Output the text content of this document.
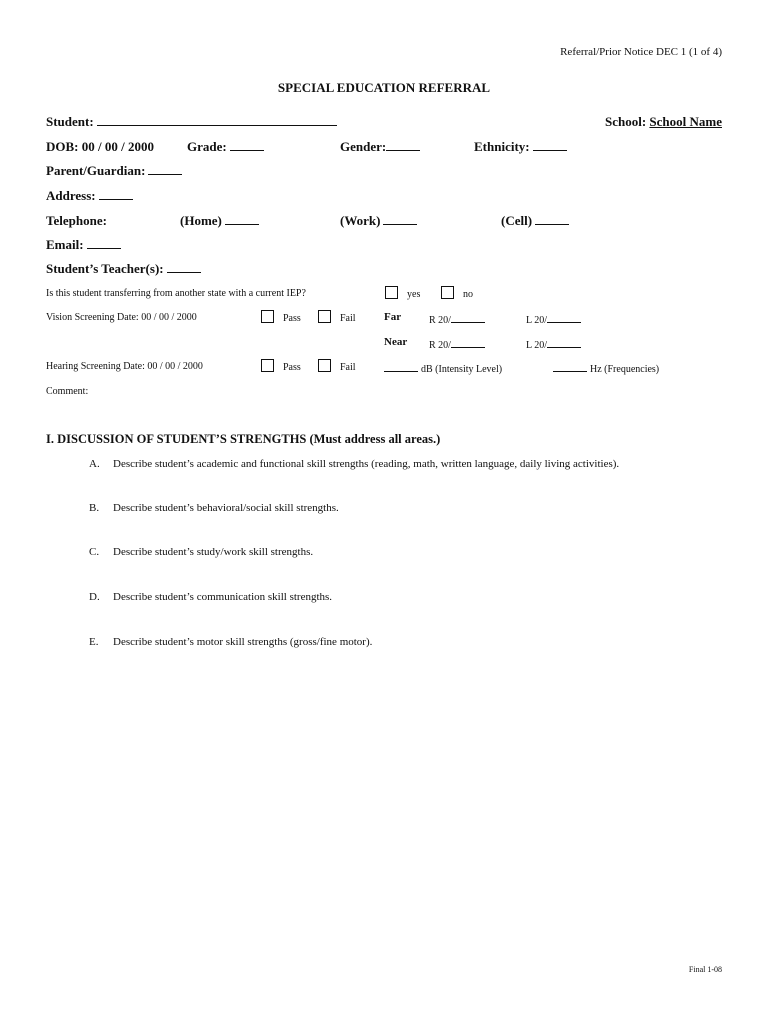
Referral/Prior Notice DEC 1 (1 of 4)
SPECIAL EDUCATION REFERRAL
Student:	School: School Name
DOB: 00 / 00 / 2000	Grade:	Gender:	Ethnicity:
Parent/Guardian:
Address:
Telephone:	(Home)	(Work)	(Cell)
Email:
Student’s Teacher(s):
Is this student transferring from another state with a current IEP?	yes	no
Vision Screening Date: 00 / 00 / 2000	Pass	Fail	Far	R 20/	L 20/
Near R 20/	L 20/
Hearing Screening Date: 00 / 00 / 2000	Pass	Fail	dB (Intensity Level)	Hz (Frequencies)
Comment:
I. DISCUSSION OF STUDENT’S STRENGTHS (Must address all areas.)
A. Describe student’s academic and functional skill strengths (reading, math, written language, daily living activities).
B. Describe student’s behavioral/social skill strengths.
C. Describe student’s study/work skill strengths.
D. Describe student’s communication skill strengths.
E. Describe student’s motor skill strengths (gross/fine motor).
Final 1-08
